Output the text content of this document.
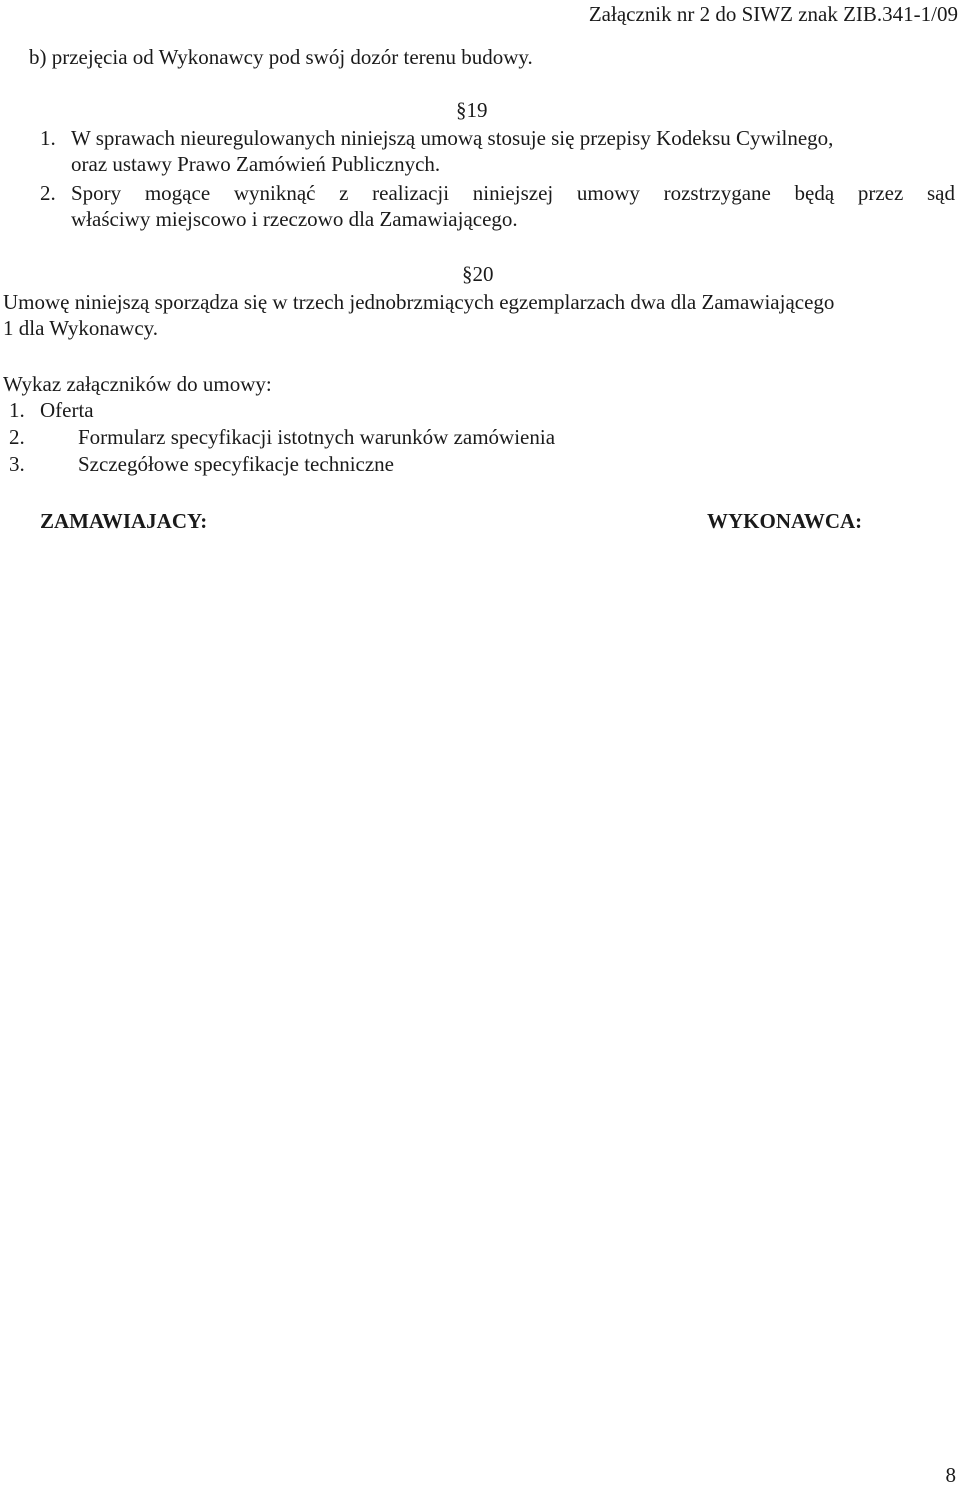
Załącznik nr 2 do SIWZ znak ZIB.341-1/09
b) przejęcia od Wykonawcy pod swój dozór terenu budowy.
§19
1. W sprawach nieuregulowanych niniejszą umową stosuje się przepisy Kodeksu Cywilnego,
oraz ustawy Prawo Zamówień Publicznych.
2. Spory mogące wyniknąć z realizacji niniejszej umowy rozstrzygane będą przez sąd
właściwy miejscowo i rzeczowo dla Zamawiającego.
§20
Umowę niniejszą sporządza się w trzech jednobrzmiących egzemplarzach dwa dla Zamawiającego
1 dla Wykonawcy.
Wykaz załączników do umowy:
1. Oferta
2.	Formularz specyfikacji istotnych warunków zamówienia
3.	Szczegółowe specyfikacje techniczne
ZAMAWIAJACY:	WYKONAWCA:
8
